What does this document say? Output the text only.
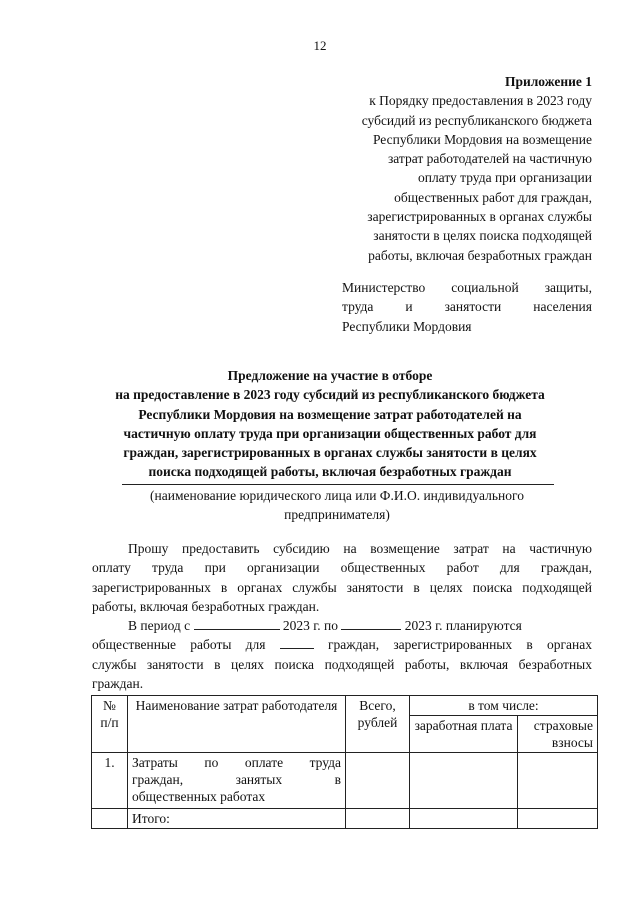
12
Приложение 1
к Порядку предоставления в 2023 году
субсидий из республиканского бюджета
Республики Мордовия на возмещение
затрат работодателей на частичную
оплату труда при организации
общественных работ для граждан,
зарегистрированных в органах службы
занятости в целях поиска подходящей
работы, включая безработных граждан
Министерство социальной защиты,
труда и занятости населения
Республики Мордовия
Предложение на участие в отборе
на предоставление в 2023 году субсидий из республиканского бюджета
Республики Мордовия на возмещение затрат работодателей на
частичную оплату труда при организации общественных работ для
граждан, зарегистрированных в органах службы занятости в целях
поиска подходящей работы, включая безработных граждан
(наименование юридического лица или Ф.И.О. индивидуального
предпринимателя)
Прошу предоставить субсидию на возмещение затрат на частичную
оплату труда при организации общественных работ для граждан,
зарегистрированных в органах службы занятости в целях поиска подходящей
работы, включая безработных граждан.
В период с	2023 г. по	2023 г. планируются
общественные работы для	граждан, зарегистрированных в органах
службы занятости в целях поиска подходящей работы, включая безработных
граждан.
№ п/п	Наименование затрат работодателя	Всего, рублей	в том числе:	
			заработная плата	страховые взносы
1.	Затраты по оплате труда
граждан, занятых в
общественных работах			

	Итого:			
